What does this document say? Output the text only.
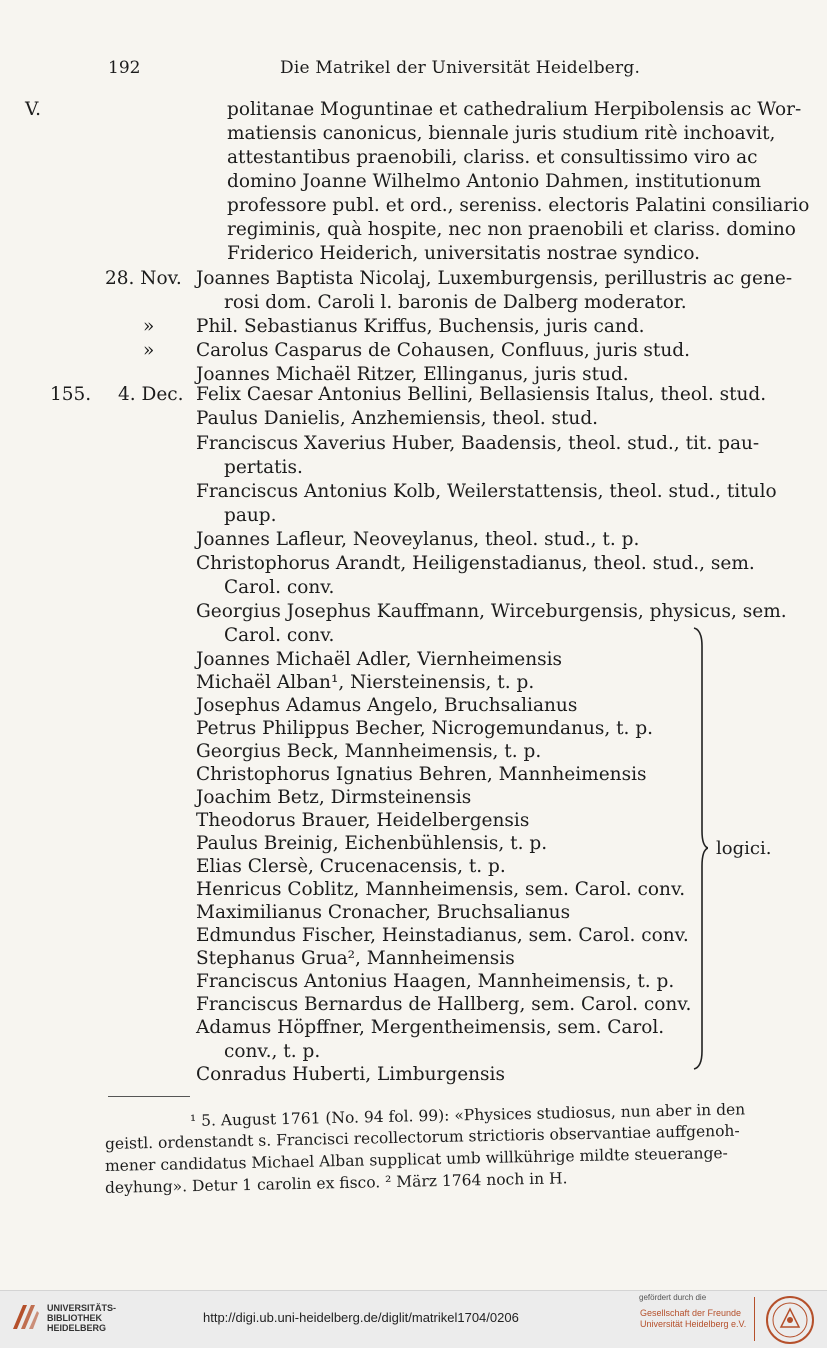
192	Die Matrikel der Universität Heidelberg.
V.	politanae Moguntinae et cathedralium Herpibolensis ac Wor-
matiensis canonicus, biennale juris studium ritè inchoavit,
attestantibus praenobili, clariss. et consultissimo viro ac
domino Joanne Wilhelmo Antonio Dahmen, institutionum
professore publ. et ord., sereniss. electoris Palatini consiliario
regiminis, quà hospite, nec non praenobili et clariss. domino
Friderico Heiderich, universitatis nostrae syndico.
28. Nov. Joannes Baptista Nicolaj, Luxemburgensis, perillustris ac gene-
rosi dom. Caroli l. baronis de Dalberg moderator.
» Phil. Sebastianus Kriffus, Buchensis, juris cand.
» Carolus Casparus de Cohausen, Confluus, juris stud.
Joannes Michaël Ritzer, Ellinganus, juris stud.
155. 4. Dec. Felix Caesar Antonius Bellini, Bellasiensis Italus, theol. stud.
Paulus Danielis, Anzhemiensis, theol. stud.
Franciscus Xaverius Huber, Baadensis, theol. stud., tit. pau-
pertatis.
Franciscus Antonius Kolb, Weilerstattensis, theol. stud., titulo
paup.
Joannes Lafleur, Neoveylanus, theol. stud., t. p.
Christophorus Arandt, Heiligenstadianus, theol. stud., sem.
Carol. conv.
Georgius Josephus Kauffmann, Wirceburgensis, physicus, sem.
Carol. conv.
Joannes Michaël Adler, Viernheimensis
Michaël Alban¹, Niersteinensis, t. p.
Josephus Adamus Angelo, Bruchsalianus
Petrus Philippus Becher, Nicrogemundanus, t. p.
Georgius Beck, Mannheimensis, t. p.
Christophorus Ignatius Behren, Mannheimensis
Joachim Betz, Dirmsteinensis
Theodorus Brauer, Heidelbergensis
Paulus Breinig, Eichenbühlensis, t. p.
Elias Clersè, Crucenacensis, t. p.
Henricus Coblitz, Mannheimensis, sem. Carol. conv.
Maximilianus Cronacher, Bruchsalianus
Edmundus Fischer, Heinstadianus, sem. Carol. conv.
Stephanus Grua², Mannheimensis
Franciscus Antonius Haagen, Mannheimensis, t. p.
Franciscus Bernardus de Hallberg, sem. Carol. conv.
Adamus Höpffner, Mergentheimensis, sem. Carol.
conv., t. p.
Conradus Huberti, Limburgensis
logici.
¹ 5. August 1761 (No. 94 fol. 99): «Physices studiosus, nun aber in den
geistl. ordenstandt s. Francisci recollectorum strictioris observantiae auffgenoh-
mener candidatus Michael Alban supplicat umb willkührige mildte steuerange-
deyhung». Detur 1 carolin ex fisco. ² März 1764 noch in H.
UNIVERSITÄTS-
BIBLIOTHEK
HEIDELBERG
http://digi.ub.uni-heidelberg.de/diglit/matrikel1704/0206
gefördert durch die
Gesellschaft der Freunde
Universität Heidelberg e.V.
